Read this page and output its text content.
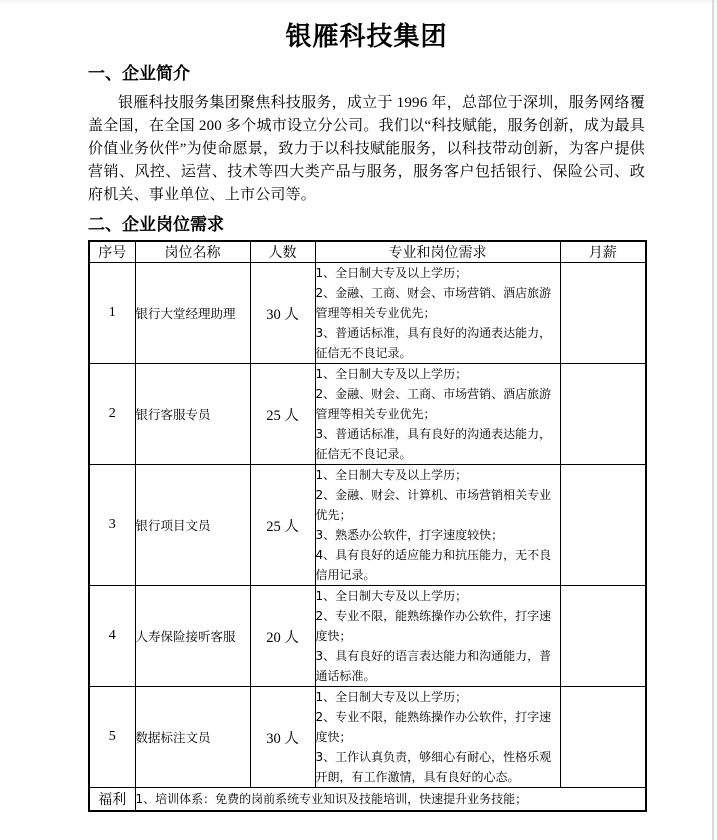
银雁科技集团
一、企业简介

银雁科技服务集团聚焦科技服务，成立于 1996 年，总部位于深圳，服务网络覆盖全国，在全国 200 多个城市设立分公司。我们以“科技赋能，服务创新，成为最具价值业务伙伴”为使命愿景，致力于以科技赋能服务，以科技带动创新，为客户提供营销、风控、运营、技术等四大类产品与服务，服务客户包括银行、保险公司、政府机关、事业单位、上市公司等。

二、企业岗位需求
序号	岗位名称	人数	专业和岗位需求	月薪
1	银行大堂经理助理	30 人	1、全日制大专及以上学历；
2、金融、工商、财会、市场营销、酒店旅游管理等相关专业优先；
3、普通话标准，具有良好的沟通表达能力，征信无不良记录。	

2	银行客服专员	25 人	1、全日制大专及以上学历；
2、金融、财会、工商、市场营销、酒店旅游管理等相关专业优先；
3、普通话标准，具有良好的沟通表达能力，征信无不良记录。	

3	银行项目文员	25 人	1、全日制大专及以上学历；
2、金融、财会、计算机、市场营销相关专业优先；
3、熟悉办公软件，打字速度较快；
4、具有良好的适应能力和抗压能力，无不良信用记录。	

4	人寿保险接听客服	20 人	1、全日制大专及以上学历；
2、专业不限，能熟练操作办公软件，打字速度快；
3、具有良好的语言表达能力和沟通能力，普通话标准。	

5	数据标注文员	30 人	1、全日制大专及以上学历；
2、专业不限，能熟练操作办公软件，打字速度快；
3、工作认真负责，够细心有耐心，性格乐观开朗，有工作激情，具有良好的心态。	

福利	1、培训体系：免费的岗前系统专业知识及技能培训，快速提升业务技能；			
